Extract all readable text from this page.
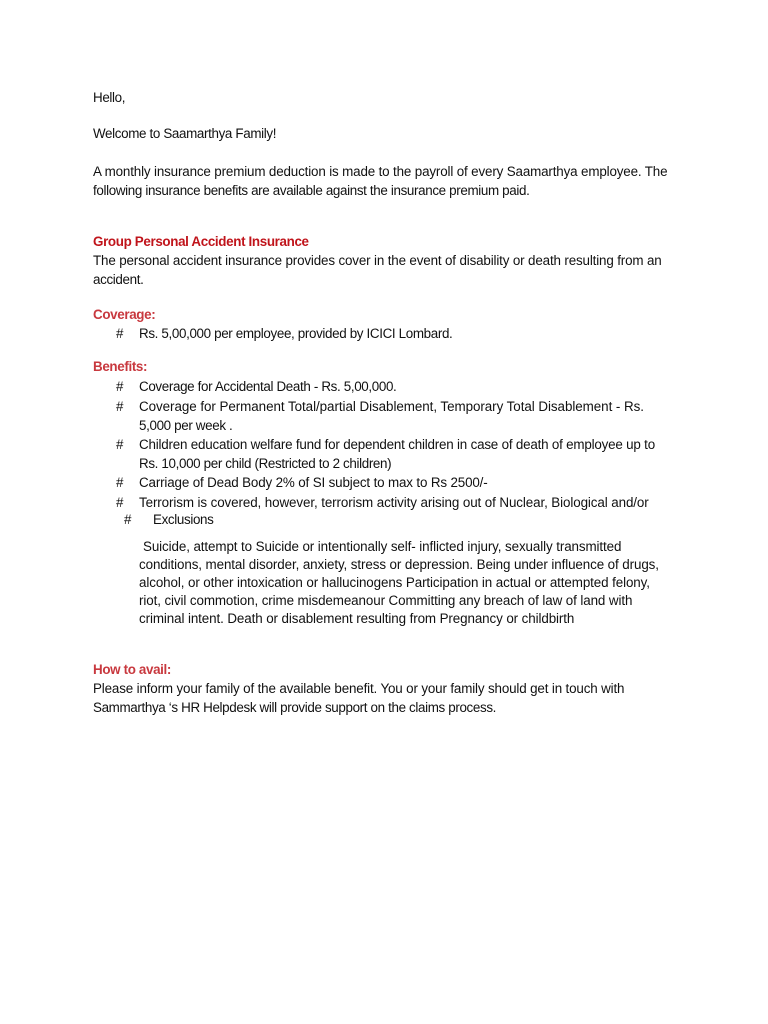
Hello,
Welcome to Saamarthya Family!
A monthly insurance premium deduction is made to the payroll of every Saamarthya employee. The
following insurance benefits are available against the insurance premium paid.
Group Personal Accident Insurance
The personal accident insurance provides cover in the event of disability or death resulting from an
accident.
Coverage:
# Rs. 5,00,000 per employee, provided by ICICI Lombard.
Benefits:
# Coverage for Accidental Death - Rs. 5,00,000.
# Coverage for Permanent Total/partial Disablement, Temporary Total Disablement - Rs.
5,000 per week .
# Children education welfare fund for dependent children in case of death of employee up to
Rs. 10,000 per child (Restricted to 2 children)
# Carriage of Dead Body 2% of SI subject to max to Rs 2500/-
# Terrorism is covered, however, terrorism activity arising out of Nuclear, Biological and/or
# Exclusions
Suicide, attempt to Suicide or intentionally self- inflicted injury, sexually transmitted
conditions, mental disorder, anxiety, stress or depression. Being under influence of drugs,
alcohol, or other intoxication or hallucinogens Participation in actual or attempted felony,
riot, civil commotion, crime misdemeanour Committing any breach of law of land with
criminal intent. Death or disablement resulting from Pregnancy or childbirth
How to avail:
Please inform your family of the available benefit. You or your family should get in touch with
Sammarthya ‘s HR Helpdesk will provide support on the claims process.
